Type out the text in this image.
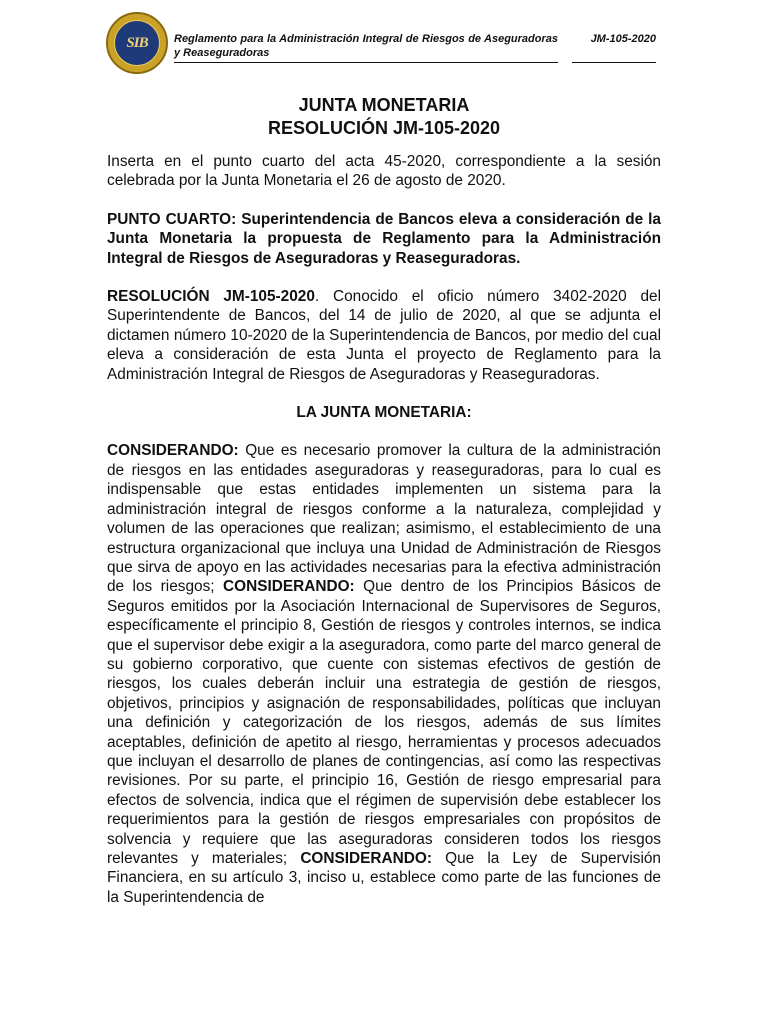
SIB Reglamento para la Administración Integral de Riesgos de Aseguradoras y Reaseguradoras
JM-105-2020

JUNTA MONETARIA

RESOLUCIÓN JM-105-2020

Inserta en el punto cuarto del acta 45-2020, correspondiente a la sesión celebrada por la Junta Monetaria el 26 de agosto de 2020.

PUNTO CUARTO: Superintendencia de Bancos eleva a consideración de la Junta Monetaria la propuesta de Reglamento para la Administración Integral de Riesgos de Aseguradoras y Reaseguradoras.

RESOLUCIÓN JM-105-2020. Conocido el oficio número 3402-2020 del Superintendente de Bancos, del 14 de julio de 2020, al que se adjunta el dictamen número 10-2020 de la Superintendencia de Bancos, por medio del cual eleva a consideración de esta Junta el proyecto de Reglamento para la Administración Integral de Riesgos de Aseguradoras y Reaseguradoras.

LA JUNTA MONETARIA:

CONSIDERANDO: Que es necesario promover la cultura de la administración de riesgos en las entidades aseguradoras y reaseguradoras, para lo cual es indispensable que estas entidades implementen un sistema para la administración integral de riesgos conforme a la naturaleza, complejidad y volumen de las operaciones que realizan; asimismo, el establecimiento de una estructura organizacional que incluya una Unidad de Administración de Riesgos que sirva de apoyo en las actividades necesarias para la efectiva administración de los riesgos; CONSIDERANDO: Que dentro de los Principios Básicos de Seguros emitidos por la Asociación Internacional de Supervisores de Seguros, específicamente el principio 8, Gestión de riesgos y controles internos, se indica que el supervisor debe exigir a la aseguradora, como parte del marco general de su gobierno corporativo, que cuente con sistemas efectivos de gestión de riesgos, los cuales deberán incluir una estrategia de gestión de riesgos, objetivos, principios y asignación de responsabilidades, políticas que incluyan una definición y categorización de los riesgos, además de sus límites aceptables, definición de apetito al riesgo, herramientas y procesos adecuados que incluyan el desarrollo de planes de contingencias, así como las respectivas revisiones. Por su parte, el principio 16, Gestión de riesgo empresarial para efectos de solvencia, indica que el régimen de supervisión debe establecer los requerimientos para la gestión de riesgos empresariales con propósitos de solvencia y requiere que las aseguradoras consideren todos los riesgos relevantes y materiales; CONSIDERANDO: Que la Ley de Supervisión Financiera, en su artículo 3, inciso u, establece como parte de las funciones de la Superintendencia de
